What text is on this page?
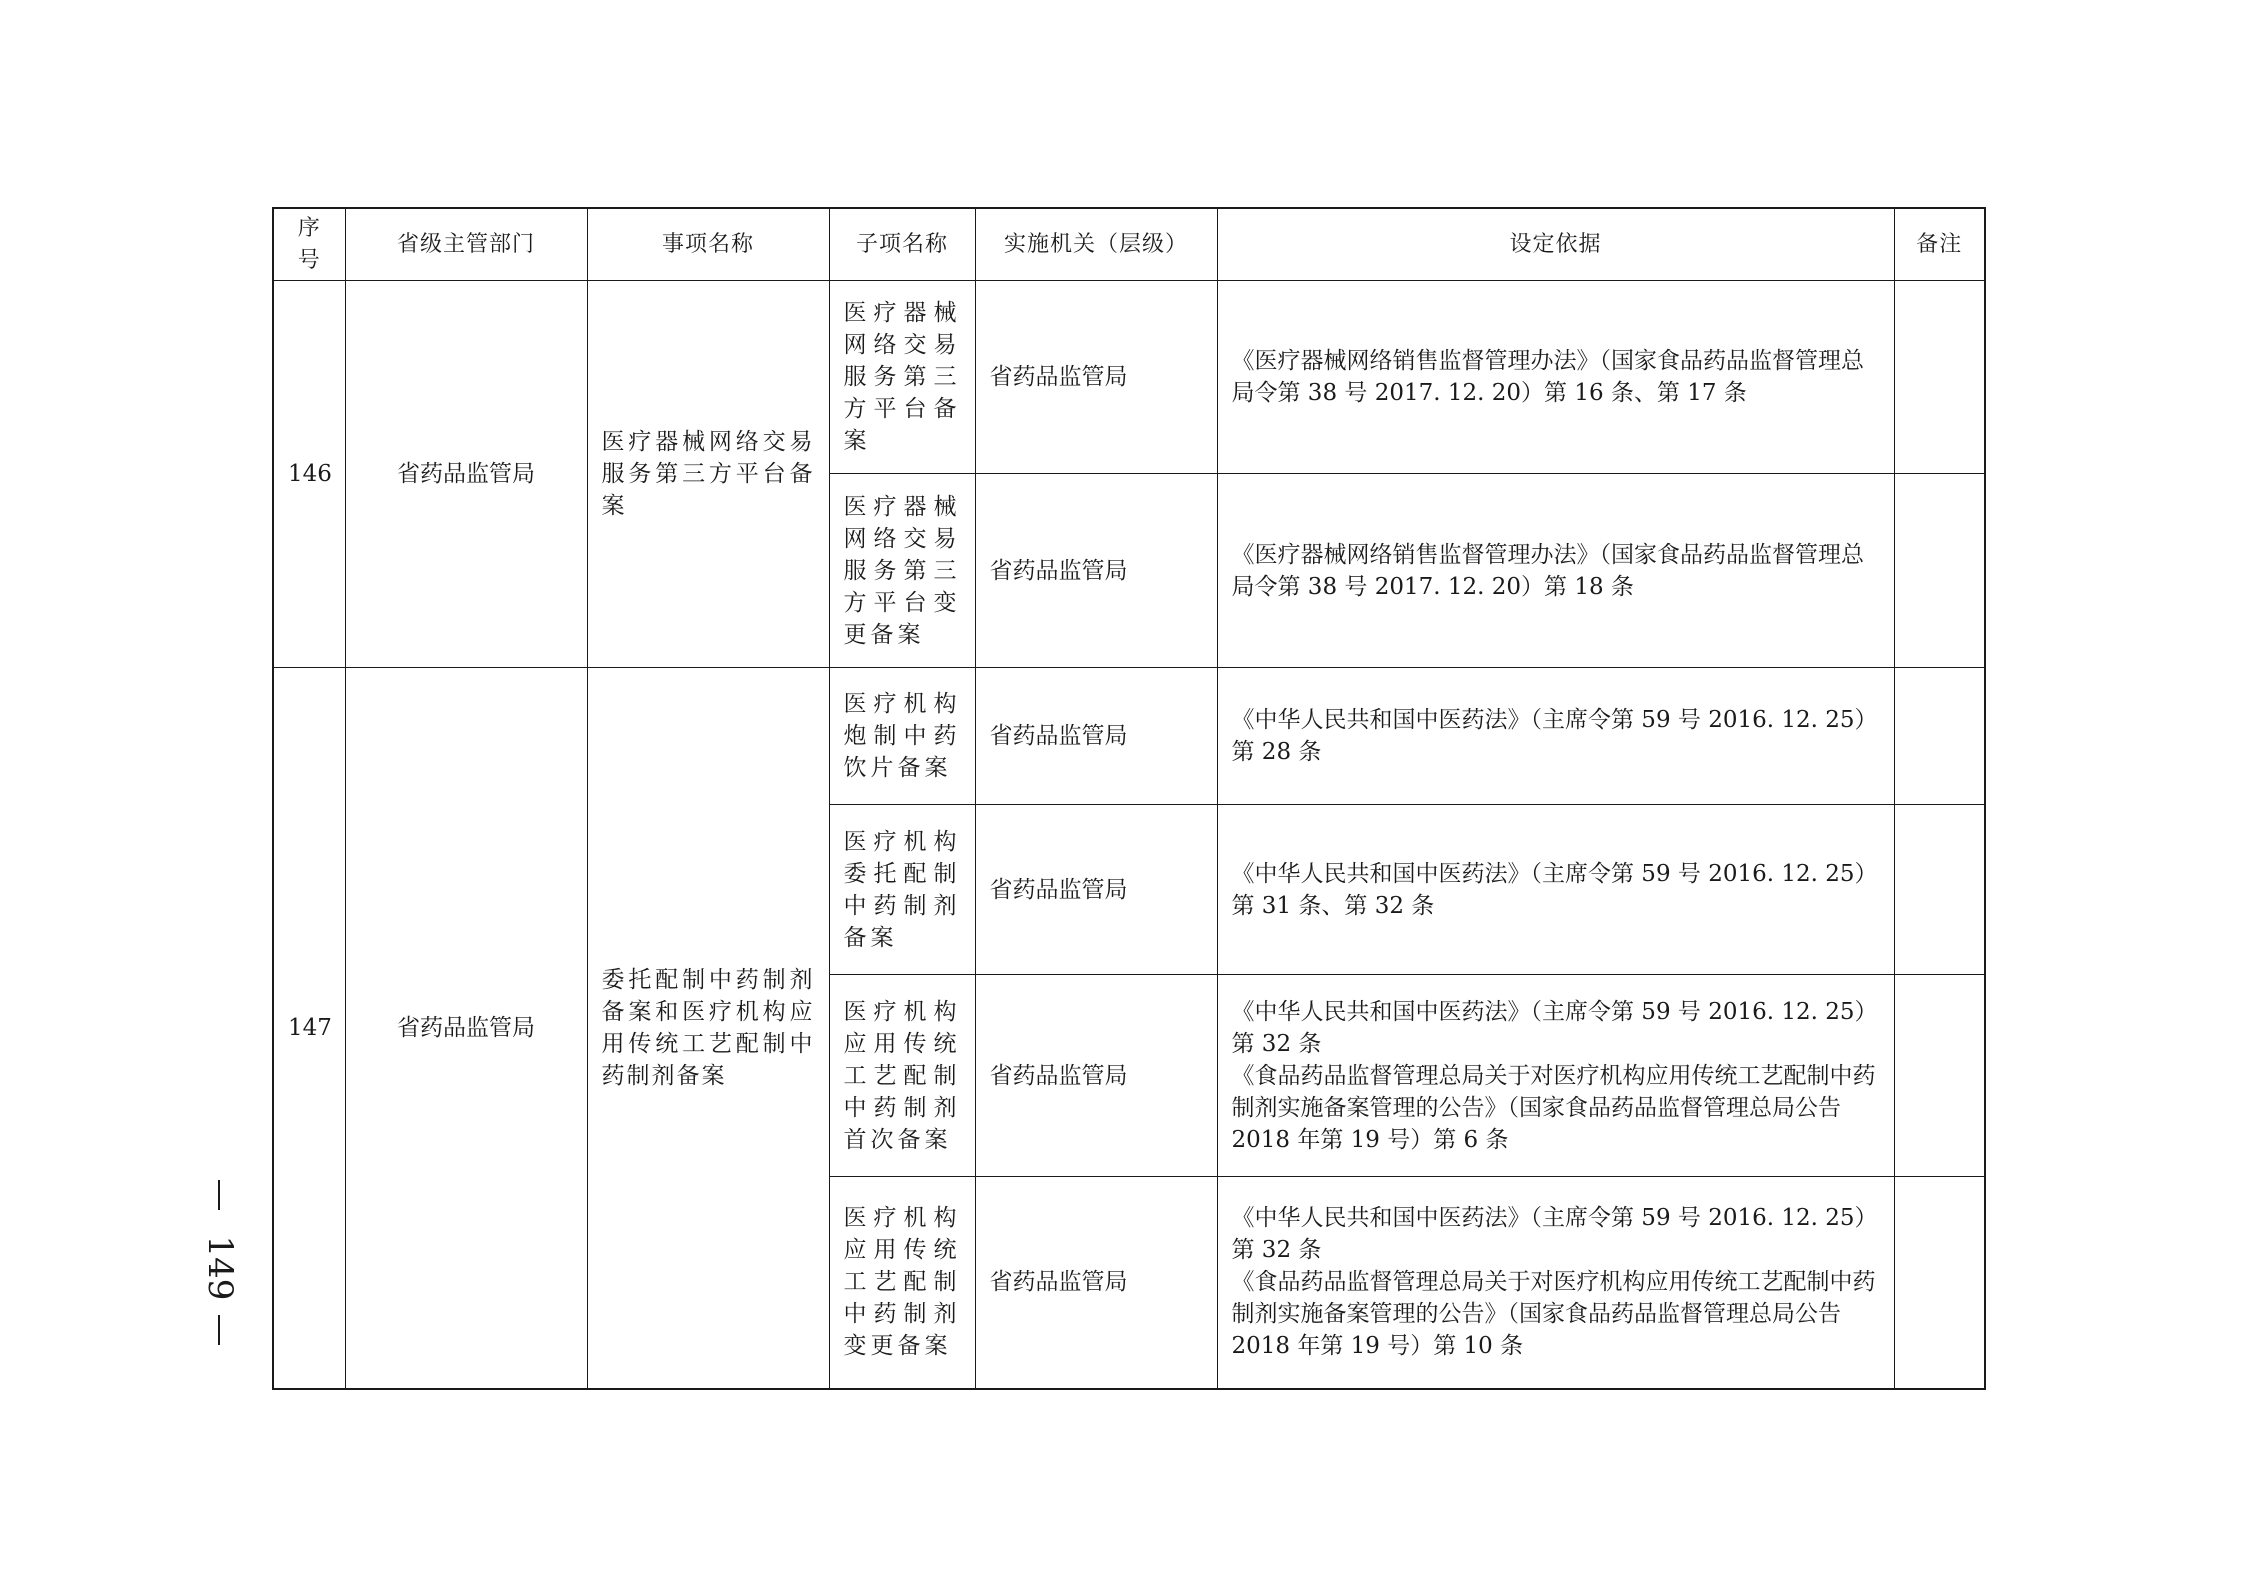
序号	省级主管部门	事项名称	子项名称	实施机关（层级）	设定依据	备注
146	省药品监管局	医疗器械网络交易服务第三方平台备案	医疗器械网络交易服务第三方平台备案	省药品监管局	《医疗器械网络销售监督管理办法》（国家食品药品监督管理总局令第 38 号 2017. 12. 20）第 16 条、第 17 条	

			医疗器械网络交易服务第三方平台变更备案	省药品监管局	《医疗器械网络销售监督管理办法》（国家食品药品监督管理总局令第 38 号 2017. 12. 20）第 18 条	

147	省药品监管局	委托配制中药制剂备案和医疗机构应用传统工艺配制中药制剂备案	医疗机构炮制中药饮片备案	省药品监管局	《中华人民共和国中医药法》（主席令第 59 号 2016. 12. 25）第 28 条	

			医疗机构委托配制中药制剂备案	省药品监管局	《中华人民共和国中医药法》（主席令第 59 号 2016. 12. 25）第 31 条、第 32 条	

			医疗机构应用传统工艺配制中药制剂首次备案	省药品监管局	《中华人民共和国中医药法》（主席令第 59 号 2016. 12. 25）第 32 条
《食品药品监督管理总局关于对医疗机构应用传统工艺配制中药制剂实施备案管理的公告》（国家食品药品监督管理总局公告 2018 年第 19 号）第 6 条	

			医疗机构应用传统工艺配制中药制剂变更备案	省药品监管局	《中华人民共和国中医药法》（主席令第 59 号 2016. 12. 25）第 32 条
《食品药品监督管理总局关于对医疗机构应用传统工艺配制中药制剂实施备案管理的公告》（国家食品药品监督管理总局公告 2018 年第 19 号）第 10 条	

149
